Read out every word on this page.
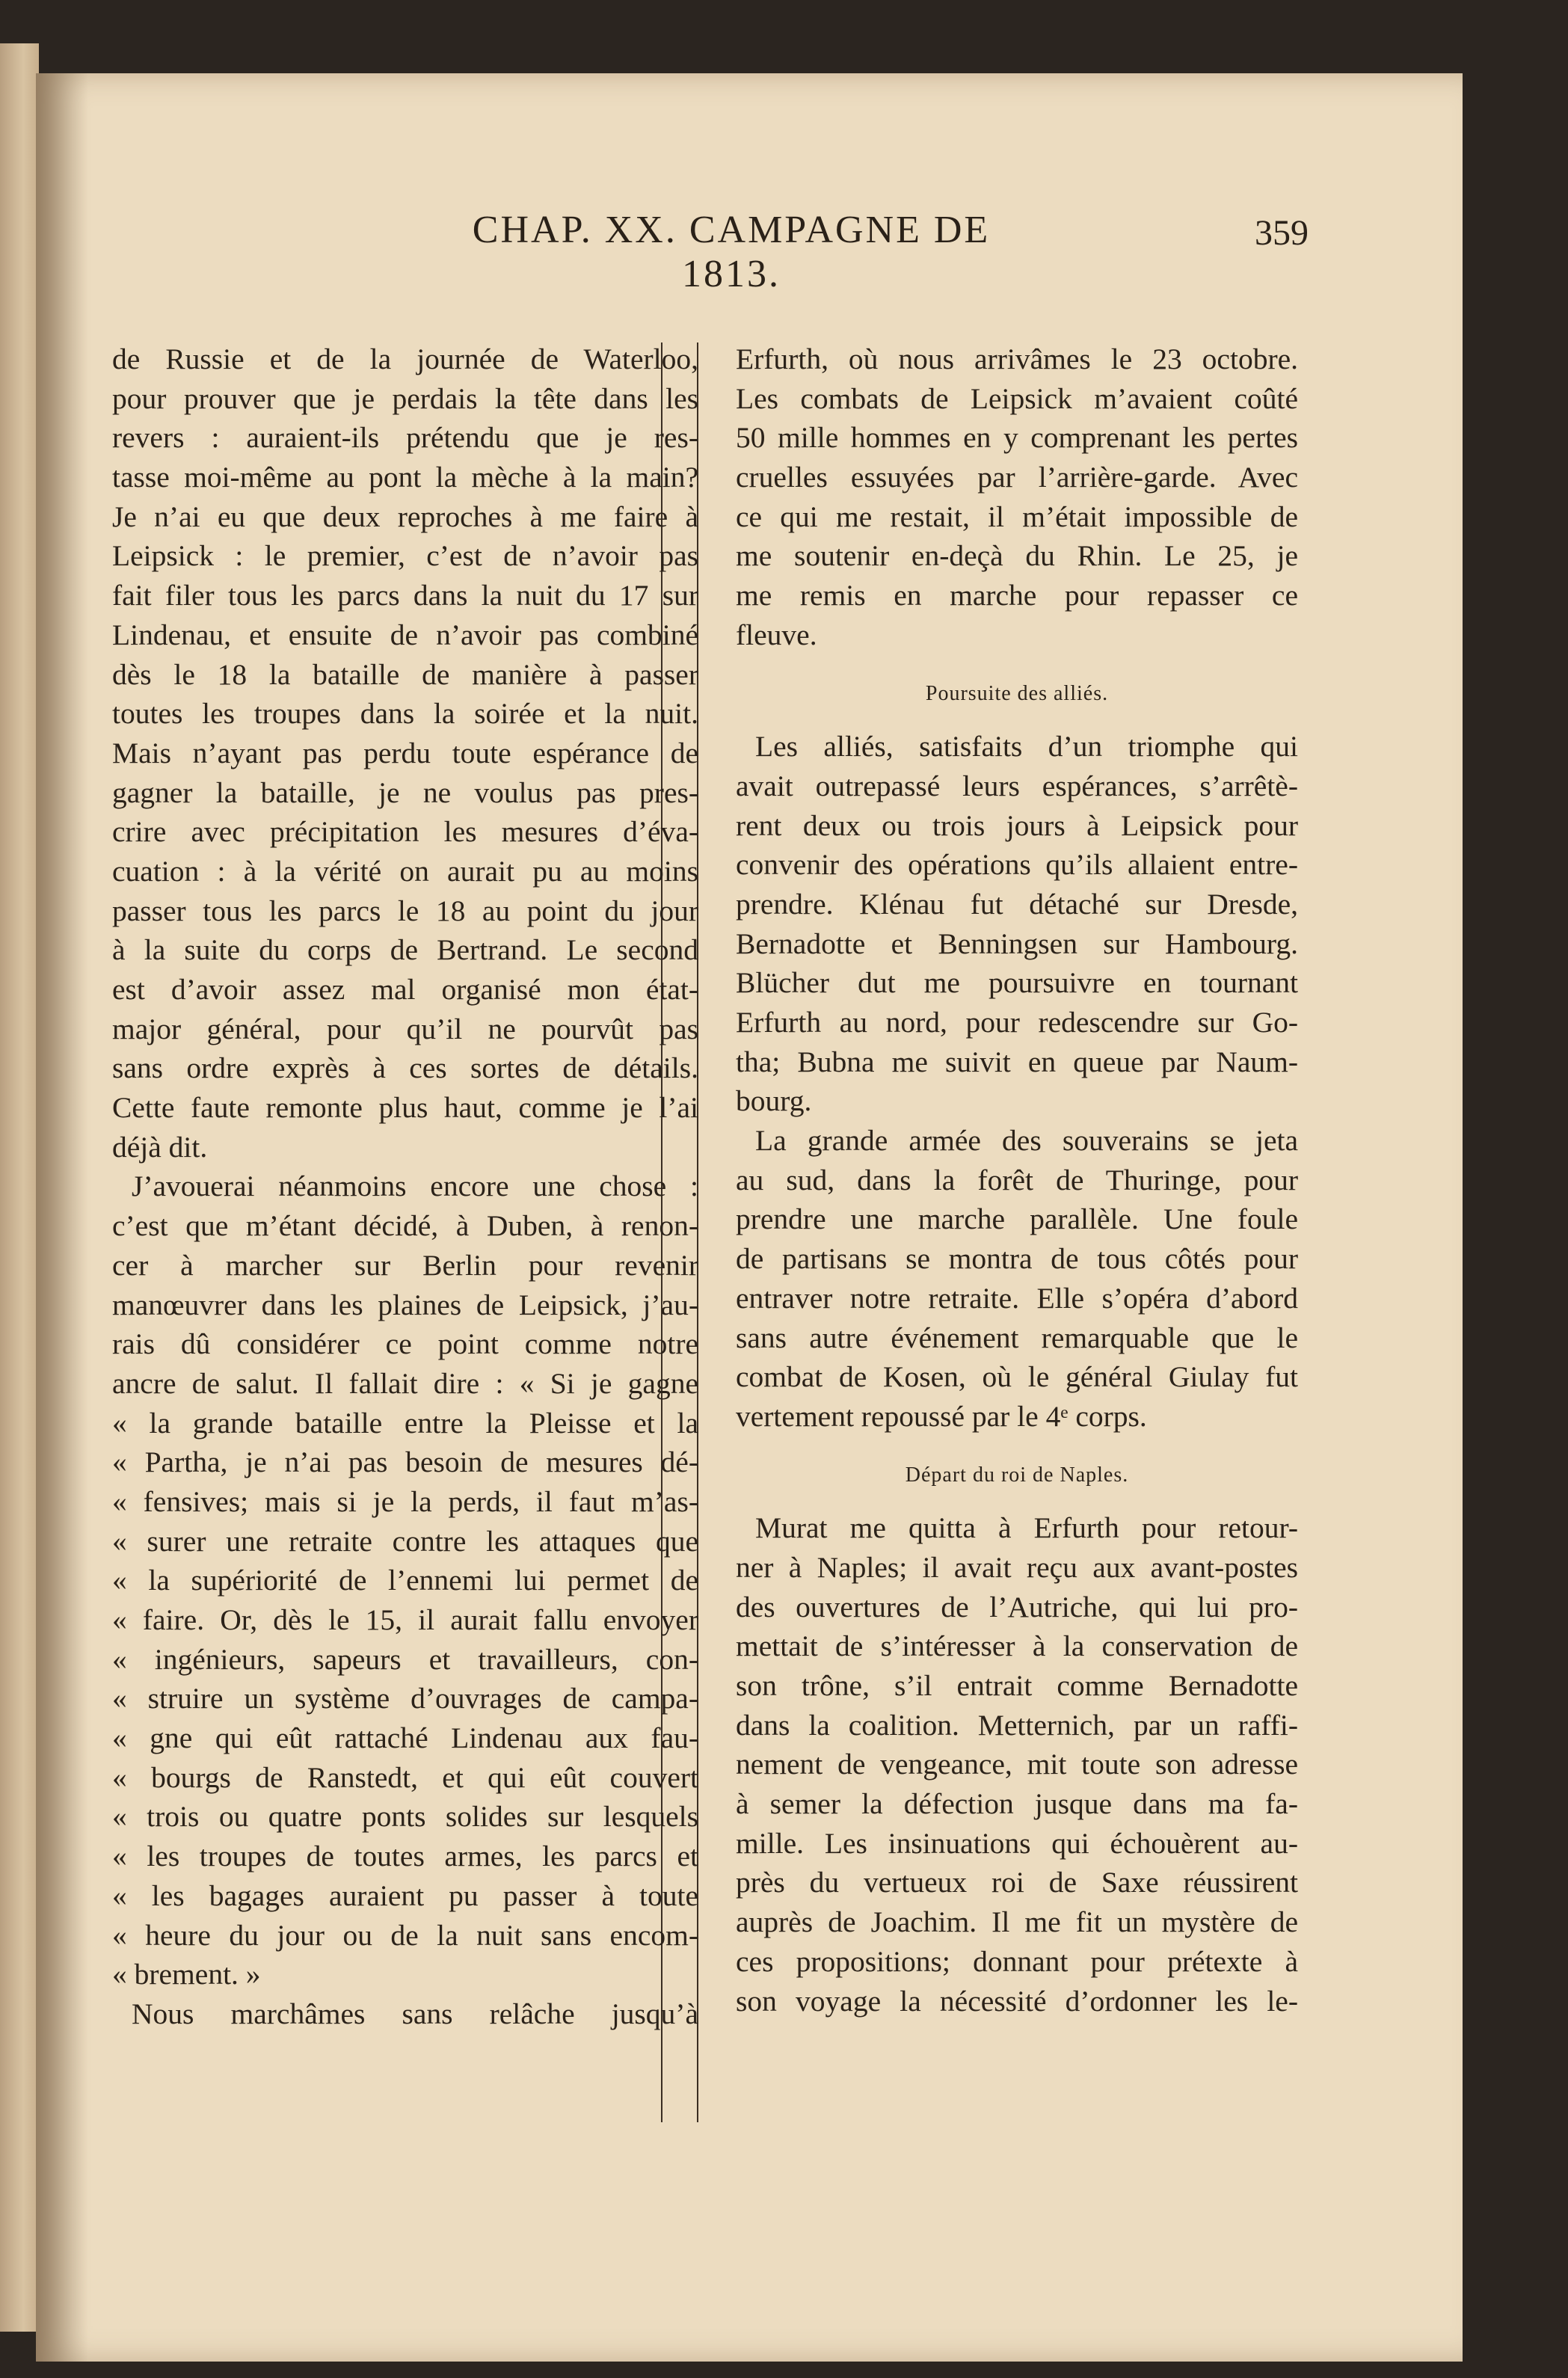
CHAP. XX. CAMPAGNE DE 1813.
359
de Russie et de la journée de Waterloo,
pour prouver que je perdais la tête dans les
revers : auraient-ils prétendu que je res-
tasse moi-même au pont la mèche à la main?
Je n’ai eu que deux reproches à me faire à
Leipsick : le premier, c’est de n’avoir pas
fait filer tous les parcs dans la nuit du 17 sur
Lindenau, et ensuite de n’avoir pas combiné
dès le 18 la bataille de manière à passer
toutes les troupes dans la soirée et la nuit.
Mais n’ayant pas perdu toute espérance de
gagner la bataille, je ne voulus pas pres-
crire avec précipitation les mesures d’éva-
cuation : à la vérité on aurait pu au moins
passer tous les parcs le 18 au point du jour
à la suite du corps de Bertrand. Le second
est d’avoir assez mal organisé mon état-
major général, pour qu’il ne pourvût pas
sans ordre exprès à ces sortes de détails.
Cette faute remonte plus haut, comme je l’ai
déjà dit.
J’avouerai néanmoins encore une chose :
c’est que m’étant décidé, à Duben, à renon-
cer à marcher sur Berlin pour revenir
manœuvrer dans les plaines de Leipsick, j’au-
rais dû considérer ce point comme notre
ancre de salut. Il fallait dire : « Si je gagne
« la grande bataille entre la Pleisse et la
« Partha, je n’ai pas besoin de mesures dé-
« fensives; mais si je la perds, il faut m’as-
« surer une retraite contre les attaques que
« la supériorité de l’ennemi lui permet de
« faire. Or, dès le 15, il aurait fallu envoyer
« ingénieurs, sapeurs et travailleurs, con-
« struire un système d’ouvrages de campa-
« gne qui eût rattaché Lindenau aux fau-
« bourgs de Ranstedt, et qui eût couvert
« trois ou quatre ponts solides sur lesquels
« les troupes de toutes armes, les parcs et
« les bagages auraient pu passer à toute
« heure du jour ou de la nuit sans encom-
« brement. »
Nous marchâmes sans relâche jusqu’à
Erfurth, où nous arrivâmes le 23 octobre.
Les combats de Leipsick m’avaient coûté
50 mille hommes en y comprenant les pertes
cruelles essuyées par l’arrière-garde. Avec
ce qui me restait, il m’était impossible de
me soutenir en-deçà du Rhin. Le 25, je
me remis en marche pour repasser ce
fleuve.
Poursuite des alliés.
Les alliés, satisfaits d’un triomphe qui
avait outrepassé leurs espérances, s’arrêtè-
rent deux ou trois jours à Leipsick pour
convenir des opérations qu’ils allaient entre-
prendre. Klénau fut détaché sur Dresde,
Bernadotte et Benningsen sur Hambourg.
Blücher dut me poursuivre en tournant
Erfurth au nord, pour redescendre sur Go-
tha; Bubna me suivit en queue par Naum-
bourg.
La grande armée des souverains se jeta
au sud, dans la forêt de Thuringe, pour
prendre une marche parallèle. Une foule
de partisans se montra de tous côtés pour
entraver notre retraite. Elle s’opéra d’abord
sans autre événement remarquable que le
combat de Kosen, où le général Giulay fut
vertement repoussé par le 4ᵉ corps.
Départ du roi de Naples.
Murat me quitta à Erfurth pour retour-
ner à Naples; il avait reçu aux avant-postes
des ouvertures de l’Autriche, qui lui pro-
mettait de s’intéresser à la conservation de
son trône, s’il entrait comme Bernadotte
dans la coalition. Metternich, par un raffi-
nement de vengeance, mit toute son adresse
à semer la défection jusque dans ma fa-
mille. Les insinuations qui échouèrent au-
près du vertueux roi de Saxe réussirent
auprès de Joachim. Il me fit un mystère de
ces propositions; donnant pour prétexte à
son voyage la nécessité d’ordonner les le-
